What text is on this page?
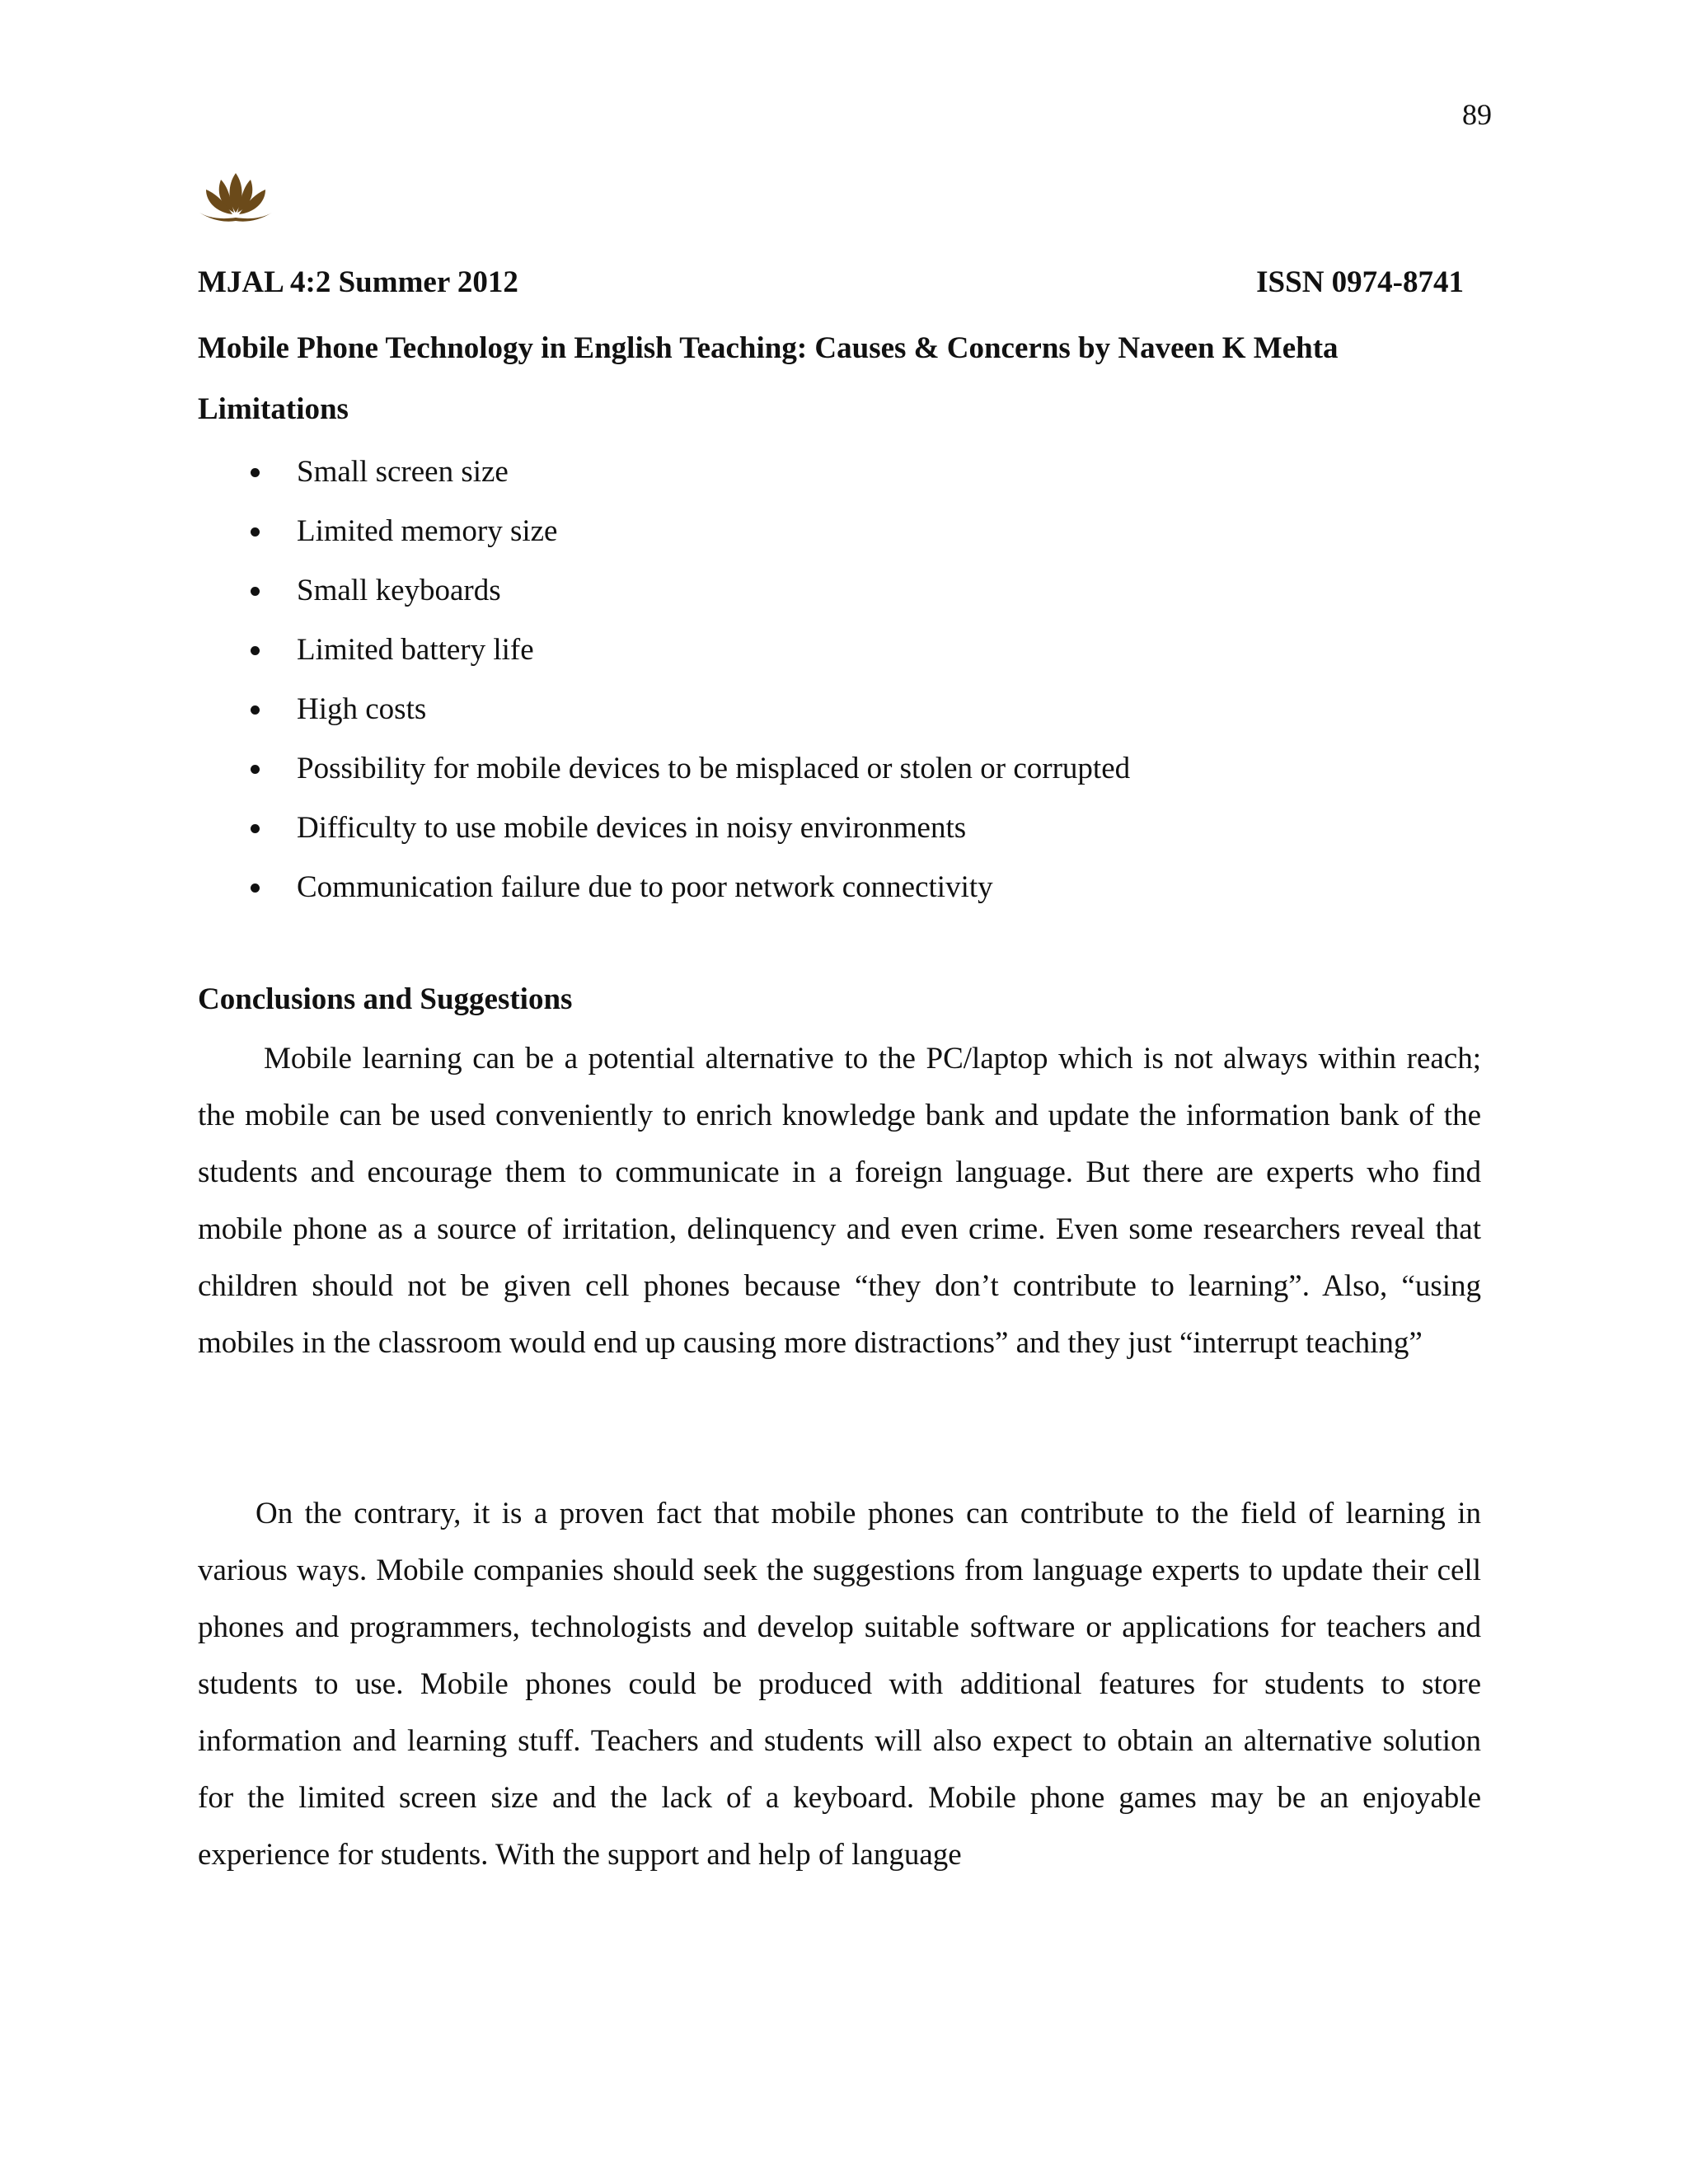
89
MJAL 4:2 Summer 2012	ISSN 0974-8741
Mobile Phone Technology in English Teaching: Causes & Concerns by Naveen K Mehta
Limitations
Small screen size
Limited memory size
Small keyboards
Limited battery life
High costs
Possibility for mobile devices to be misplaced or stolen or corrupted
Difficulty to use mobile devices in noisy environments
Communication failure due to poor network connectivity
Conclusions and Suggestions

Mobile learning can be a potential alternative to the PC/laptop which is not always within reach; the mobile can be used conveniently to enrich knowledge bank and update the information bank of the students and encourage them to communicate in a foreign language. But there are experts who find mobile phone as a source of irritation, delinquency and even crime. Even some researchers reveal that children should not be given cell phones because “they don’t contribute to learning”. Also, “using mobiles in the classroom would end up causing more distractions” and they just “interrupt teaching”

On the contrary, it is a proven fact that mobile phones can contribute to the field of learning in various ways. Mobile companies should seek the suggestions from language experts to update their cell phones and programmers, technologists and develop suitable software or applications for teachers and students to use. Mobile phones could be produced with additional features for students to store information and learning stuff. Teachers and students will also expect to obtain an alternative solution for the limited screen size and the lack of a keyboard. Mobile phone games may be an enjoyable experience for students. With the support and help of language
